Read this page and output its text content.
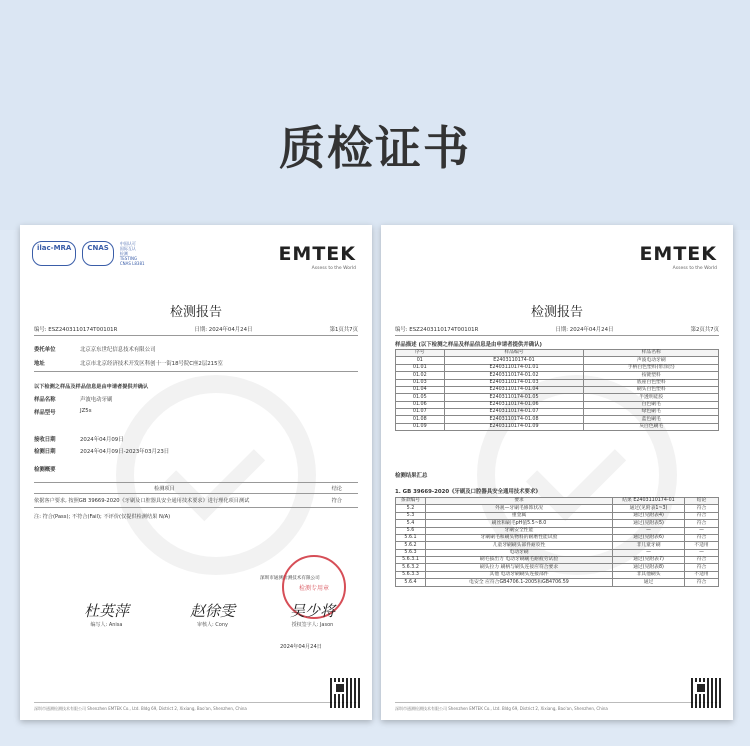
质检证书
ilac-MRA	CNAS
中国认可
国际互认
检测
TESTING
CNAS L8381	EMTEK
Assess to the World
检测报告
编号: ESZ2403110174T00101R	日期: 2024年04月24日	第1页共7页
委托单位	北京京东世纪信息技术有限公司
地址	北京市北京经济技术开发区科创十一街18号院C座2层215室
以下检测之样品及样品信息是由申请者提供并确认
样品名称	声波电动牙刷
样品型号	JZ5s
接收日期	2024年04月09日
检测日期	2024年04月09日-2023年03月23日
检测概要
检测项目	结论
依据客户要求, 按照GB 39669-2020《牙刷及口腔器具安全通用技术要求》进行理化项目测试	符合
注: 符合(Pass); 不符合(Fail); 不评价(仅提供检测结果 N/A)
深圳市通测检测技术有限公司
检测专用章
杜英萍
编写人: Anisa
赵徐雯
审核人: Cony
吴少将
授权签字人: Jason
2024年04月24日
深圳市通测检测技术有限公司 Shenzhen EMTEK Co., Ltd. Bldg 69, District 2, Xixiang, Bao'an, Shenzhen, China
EMTEK
Assess to the World
检测报告
编号: ESZ2403110174T00101R	日期: 2024年04月24日	第2页共7页
样品描述 (以下检测之样品及样品信息是由申请者提供并确认)
序号	样品编号	样品名称
01	E2403110174-01	声波电动牙刷
01.01	E2403110174-01.01	手柄白色塑料(带涂层)
01.02	E2403110174-01.02	按键塑料
01.03	E2403110174-01.03	底座白色塑料
01.04	E2403110174-01.04	刷头白色塑料
01.05	E2403110174-01.05	半透明硅胶
01.06	E2403110174-01.06	白色刷毛
01.07	E2403110174-01.07	绿色刷毛
01.08	E2403110174-01.08	蓝色刷毛
01.09	E2403110174-01.09	灰白色刷毛
检测结果汇总
1. GB 39669-2020《牙刷及口腔器具安全通用技术要求》
条款编号	要求	结果 E2403110174-01	结论
5.2	外观—牙刷毛修饰状况	通过(见附表1~3)	符合
5.3	重金属	通过(见附表4)	符合
5.4	刷丝和刷毛pH值5.5~8.0	通过(见附表5)	符合
5.6	牙刷安全性能	—	—
5.6.1	牙刷刷毛和刷头物料的耐磨性能试验	通过(见附表6)	符合
5.6.2	儿童牙刷刷头部件耐咬性	非儿童牙刷	不适用
5.6.3	电动牙刷	—	—
5.6.3.1	刷毛拔出力 电动牙刷刷毛耐疲劳试验	通过(见附表7)	符合
5.6.3.2	刷头拉力 刷柄与刷头连接应符合要求	通过(见附表8)	符合
5.6.3.3	其他 电动牙刷刷头连接部件	非其他刷头	不适用
5.6.4	电安全 应符合GB4706.1-2005和GB4706.59	通过	符合
深圳市通测检测技术有限公司 Shenzhen EMTEK Co., Ltd. Bldg 69, District 2, Xixiang, Bao'an, Shenzhen, China
